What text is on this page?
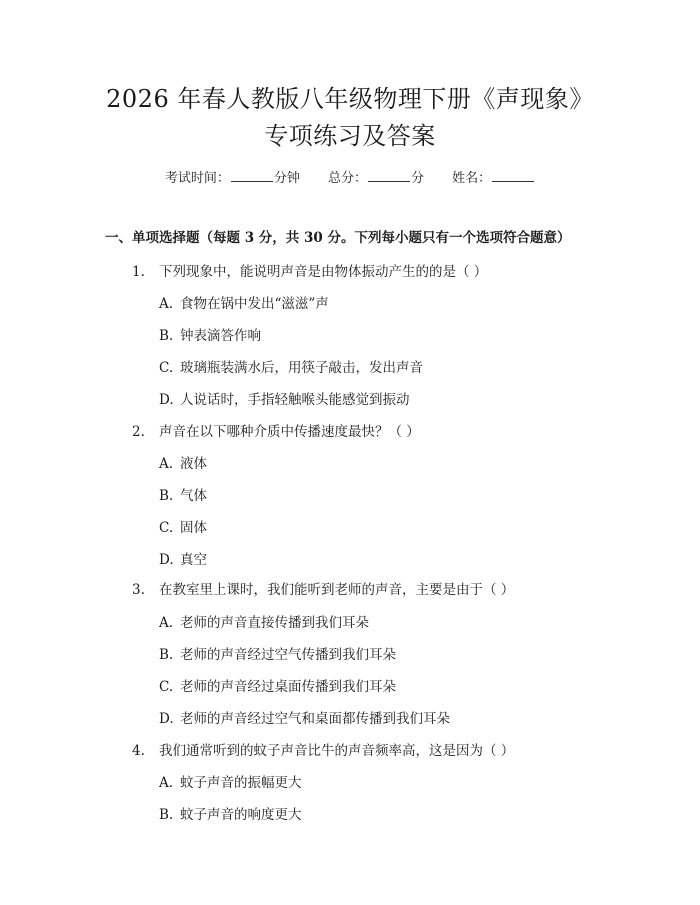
2026 年春人教版八年级物理下册《声现象》
专项练习及答案
考试时间：	分钟 总分：	分 姓名：
一、单项选择题（每题 3 分，共 30 分。下列每小题只有一个选项符合题意）
1. 下列现象中，能说明声音是由物体振动产生的的是（ ）
A. 食物在锅中发出“滋滋”声
B. 钟表滴答作响
C. 玻璃瓶装满水后，用筷子敲击，发出声音
D. 人说话时，手指轻触喉头能感觉到振动
2. 声音在以下哪种介质中传播速度最快？（ ）
A. 液体
B. 气体
C. 固体
D. 真空
3. 在教室里上课时，我们能听到老师的声音，主要是由于（ ）
A. 老师的声音直接传播到我们耳朵
B. 老师的声音经过空气传播到我们耳朵
C. 老师的声音经过桌面传播到我们耳朵
D. 老师的声音经过空气和桌面都传播到我们耳朵
4. 我们通常听到的蚊子声音比牛的声音频率高，这是因为（ ）
A. 蚊子声音的振幅更大
B. 蚊子声音的响度更大
